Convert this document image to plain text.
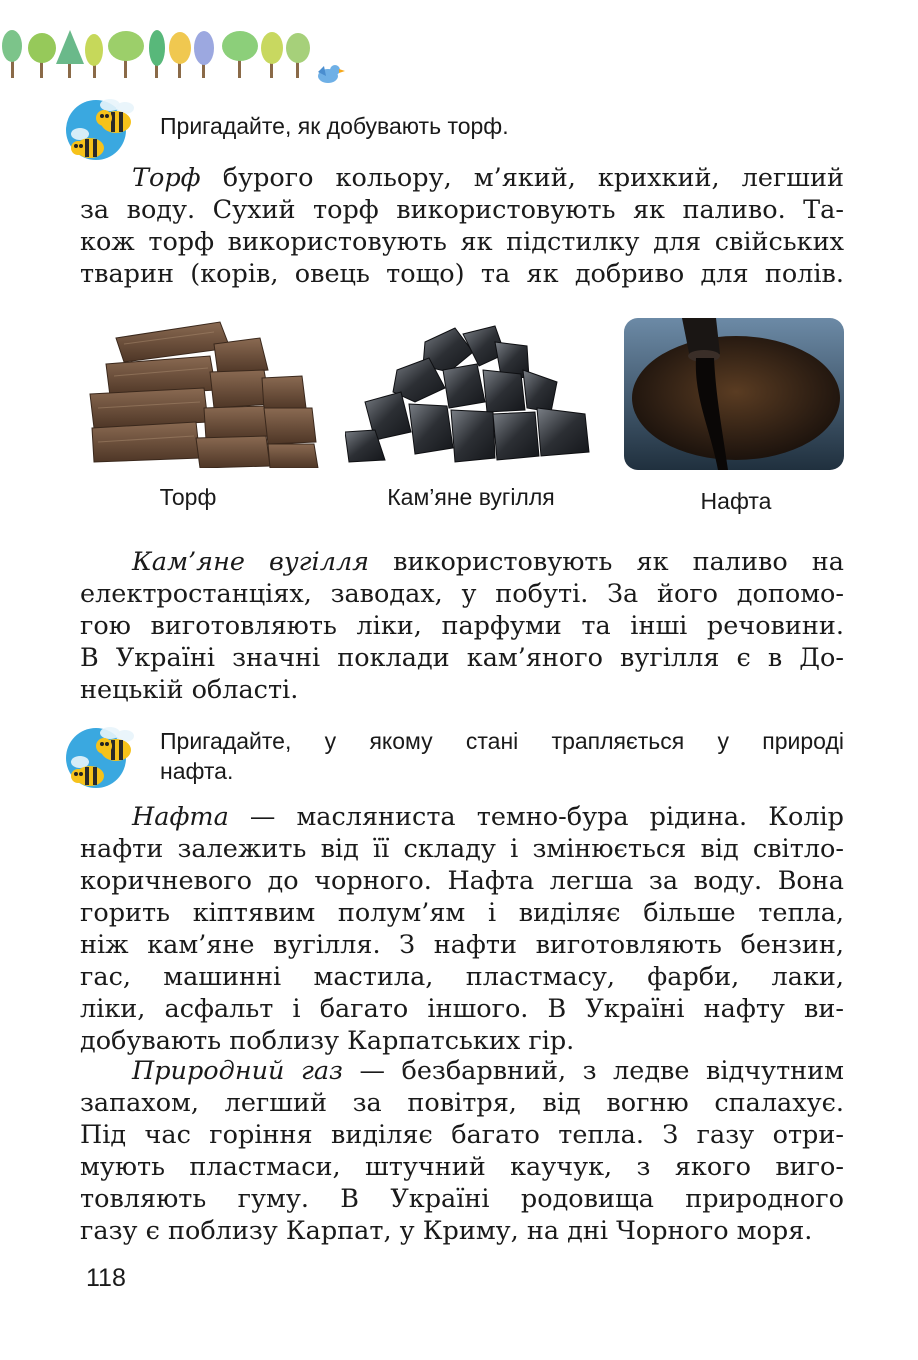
Пригадайте, як добувають торф.
Торф бурого кольору, м’який, крихкий, легший
за воду. Сухий торф використовують як паливо. Та-
кож торф використовують як підстилку для свійських
тварин (корів, овець тощо) та як добриво для полів.
Торф	Кам’яне вугілля	Нафта
Кам’яне вугілля використовують як паливо на
електростанціях, заводах, у побуті. За його допомо-
гою виготовляють ліки, парфуми та інші речовини.
В Україні значні поклади кам’яного вугілля є в До-
нецькій області.
Пригадайте, у якому стані трапляється у природі
нафта.
Нафта — масляниста темно-бура рідина. Колір
нафти залежить від її складу і змінюється від світло-
коричневого до чорного. Нафта легша за воду. Вона
горить кіптявим полум’ям і виділяє більше тепла,
ніж кам’яне вугілля. З нафти виготовляють бензин,
гас, машинні мастила, пластмасу, фарби, лаки,
ліки, асфальт і багато іншого. В Україні нафту ви-
добувають поблизу Карпатських гір.
Природний газ — безбарвний, з ледве відчутним
запахом, легший за повітря, від вогню спалахує.
Під час горіння виділяє багато тепла. З газу отри-
мують пластмаси, штучний каучук, з якого виго-
товляють гуму. В Україні родовища природного
газу є поблизу Карпат, у Криму, на дні Чорного моря.
118
